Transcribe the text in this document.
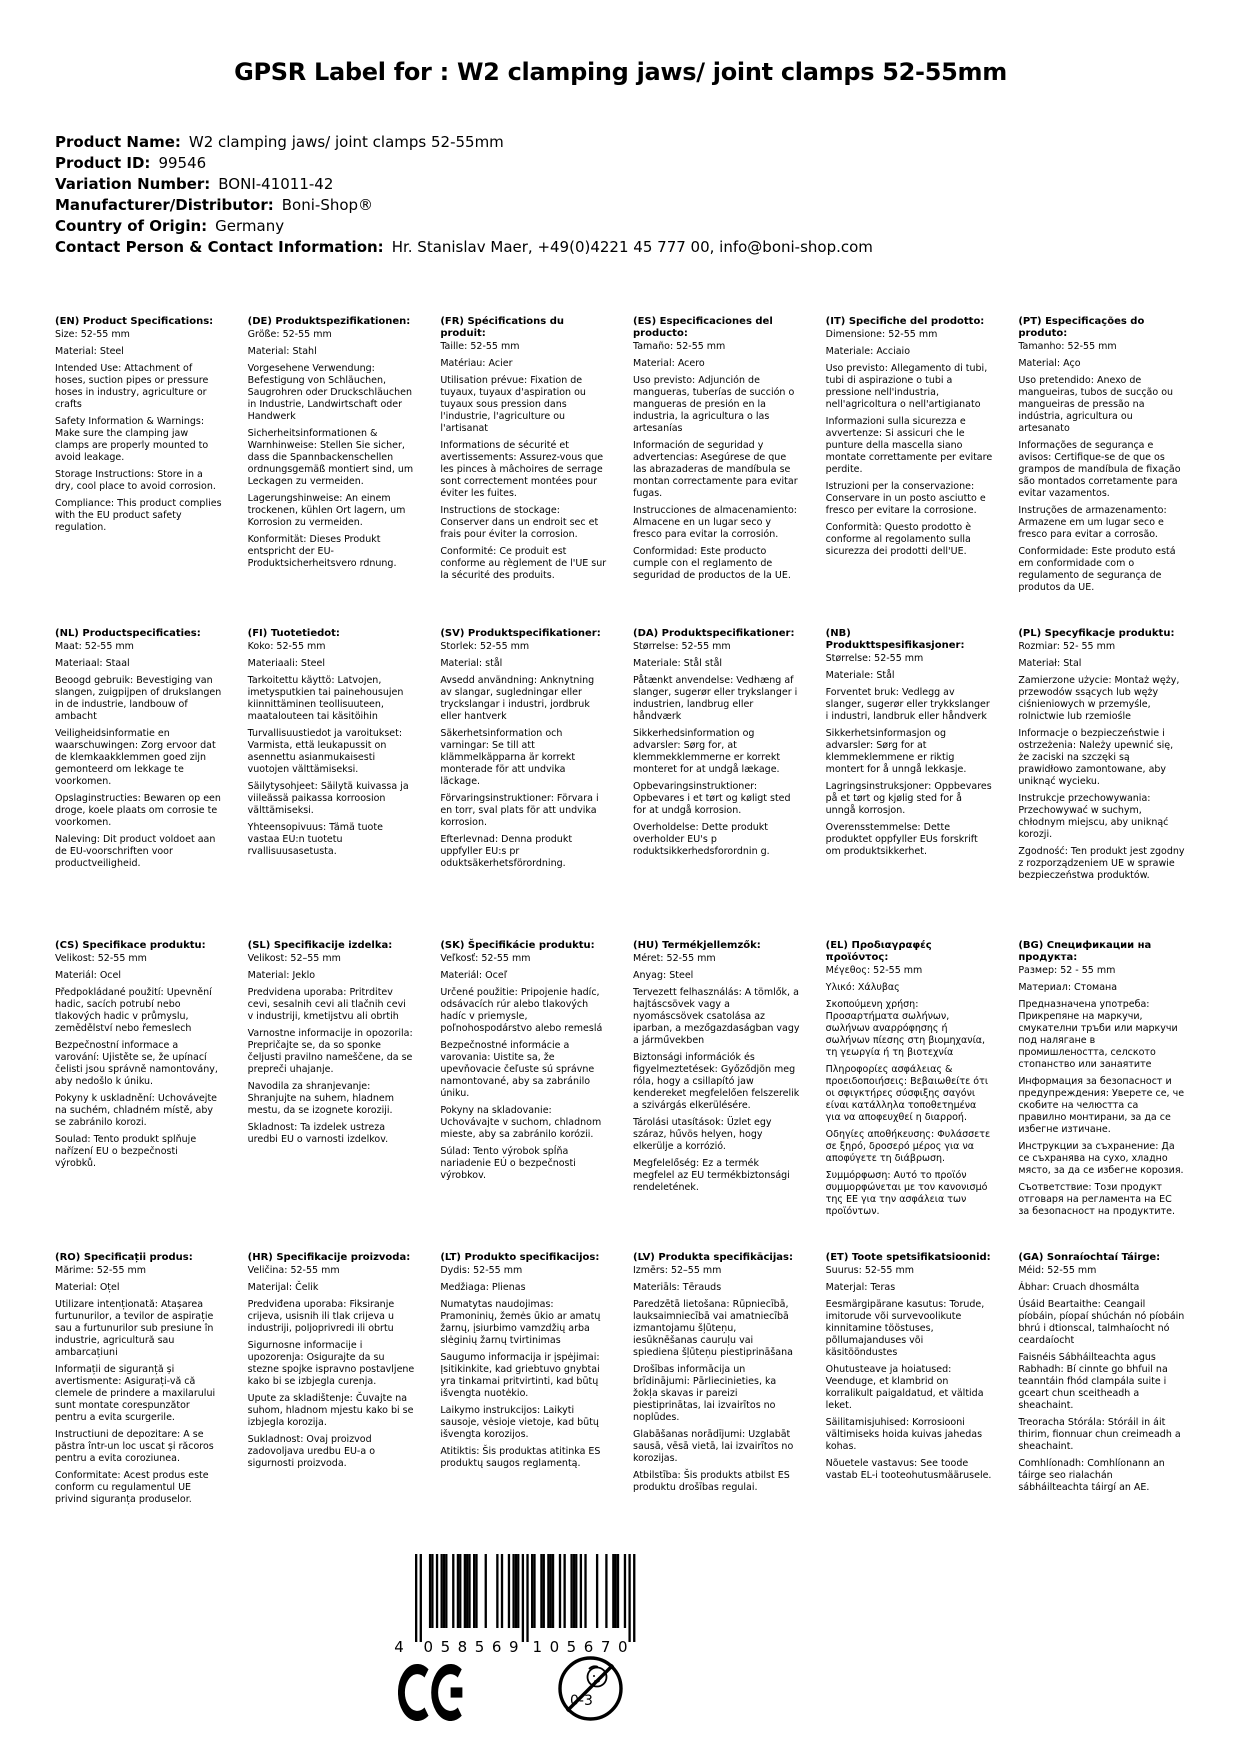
GPSR Label for : W2 clamping jaws/ joint clamps 52-55mm
Product Name: W2 clamping jaws/ joint clamps 52-55mm
Product ID: 99546
Variation Number: BONI-41011-42
Manufacturer/Distributor: Boni-Shop®
Country of Origin: Germany
Contact Person & Contact Information: Hr. Stanislav Maer, +49(0)4221 45 777 00, info@boni-shop.com
(EN) Product Specifications:

Size: 52-55 mm

Material: Steel

Intended Use: Attachment of hoses, suction pipes or pressure hoses in industry, agriculture or crafts

Safety Information & Warnings: Make sure the clamping jaw clamps are properly mounted to avoid leakage.

Storage Instructions: Store in a dry, cool place to avoid corrosion.

Compliance: This product complies with the EU product safety regulation.

(DE) Produktspezifikationen:

Größe: 52-55 mm

Material: Stahl

Vorgesehene Verwendung: Befestigung von Schläuchen, Saugrohren oder Druckschläuchen in Industrie, Landwirtschaft oder Handwerk

Sicherheitsinformationen & Warnhinweise: Stellen Sie sicher, dass die Spannbackenschellen ordnungsgemäß montiert sind, um Leckagen zu vermeiden.

Lagerungshinweise: An einem trockenen, kühlen Ort lagern, um Korrosion zu vermeiden.

Konformität: Dieses Produkt entspricht der EU-Produktsicherheitsvero rdnung.

(FR) Spécifications du produit:

Taille: 52-55 mm

Matériau: Acier

Utilisation prévue: Fixation de tuyaux, tuyaux d'aspiration ou tuyaux sous pression dans l'industrie, l'agriculture ou l'artisanat

Informations de sécurité et avertissements: Assurez-vous que les pinces à mâchoires de serrage sont correctement montées pour éviter les fuites.

Instructions de stockage: Conserver dans un endroit sec et frais pour éviter la corrosion.

Conformité: Ce produit est conforme au règlement de l'UE sur la sécurité des produits.

(ES) Especificaciones del producto:

Tamaño: 52-55 mm

Material: Acero

Uso previsto: Adjunción de mangueras, tuberías de succión o mangueras de presión en la industria, la agricultura o las artesanías

Información de seguridad y advertencias: Asegúrese de que las abrazaderas de mandíbula se montan correctamente para evitar fugas.

Instrucciones de almacenamiento: Almacene en un lugar seco y fresco para evitar la corrosión.

Conformidad: Este producto cumple con el reglamento de seguridad de productos de la UE.

(IT) Specifiche del prodotto:

Dimensione: 52-55 mm

Materiale: Acciaio

Uso previsto: Allegamento di tubi, tubi di aspirazione o tubi a pressione nell'industria, nell'agricoltura o nell'artigianato

Informazioni sulla sicurezza e avvertenze: Si assicuri che le punture della mascella siano montate correttamente per evitare perdite.

Istruzioni per la conservazione: Conservare in un posto asciutto e fresco per evitare la corrosione.

Conformità: Questo prodotto è conforme al regolamento sulla sicurezza dei prodotti dell'UE.

(PT) Especificações do produto:

Tamanho: 52-55 mm

Material: Aço

Uso pretendido: Anexo de mangueiras, tubos de sucção ou mangueiras de pressão na indústria, agricultura ou artesanato

Informações de segurança e avisos: Certifique-se de que os grampos de mandíbula de fixação são montados corretamente para evitar vazamentos.

Instruções de armazenamento: Armazene em um lugar seco e fresco para evitar a corrosão.

Conformidade: Este produto está em conformidade com o regulamento de segurança de produtos da UE.

(NL) Productspecificaties:

Maat: 52-55 mm

Materiaal: Staal

Beoogd gebruik: Bevestiging van slangen, zuigpijpen of drukslangen in de industrie, landbouw of ambacht

Veiligheidsinformatie en waarschuwingen: Zorg ervoor dat de klemkaakklemmen goed zijn gemonteerd om lekkage te voorkomen.

Opslaginstructies: Bewaren op een droge, koele plaats om corrosie te voorkomen.

Naleving: Dit product voldoet aan de EU-voorschriften voor productveiligheid.

(FI) Tuotetiedot:

Koko: 52-55 mm

Materiaali: Steel

Tarkoitettu käyttö: Latvojen, imetysputkien tai painehousujen kiinnittäminen teollisuuteen, maatalouteen tai käsitöihin

Turvallisuustiedot ja varoitukset: Varmista, että leukapussit on asennettu asianmukaisesti vuotojen välttämiseksi.

Säilytysohjeet: Säilytä kuivassa ja viileässä paikassa korroosion välttämiseksi.

Yhteensopivuus: Tämä tuote vastaa EU:n tuotetu rvallisuusasetusta.

(SV) Produktspecifikationer:

Storlek: 52-55 mm

Material: stål

Avsedd användning: Anknytning av slangar, sugledningar eller tryckslangar i industri, jordbruk eller hantverk

Säkerhetsinformation och varningar: Se till att klämmelkäpparna är korrekt monterade för att undvika läckage.

Förvaringsinstruktioner: Förvara i en torr, sval plats för att undvika korrosion.

Efterlevnad: Denna produkt uppfyller EU:s pr oduktsäkerhetsförordning.

(DA) Produktspecifikationer:

Størrelse: 52-55 mm

Materiale: Stål stål

Påtænkt anvendelse: Vedhæng af slanger, sugerør eller trykslanger i industrien, landbrug eller håndværk

Sikkerhedsinformation og advarsler: Sørg for, at klemmekklemmerne er korrekt monteret for at undgå lækage.

Opbevaringsinstruktioner: Opbevares i et tørt og køligt sted for at undgå korrosion.

Overholdelse: Dette produkt overholder EU's p roduktsikkerhedsforordnin g.

(NB) Produkttspesifikasjoner:

Størrelse: 52-55 mm

Materiale: Stål

Forventet bruk: Vedlegg av slanger, sugerør eller trykkslanger i industri, landbruk eller håndverk

Sikkerhetsinformasjon og advarsler: Sørg for at klemmeklemmene er riktig montert for å unngå lekkasje.

Lagringsinstruksjoner: Oppbevares på et tørt og kjølig sted for å unngå korrosjon.

Overensstemmelse: Dette produktet oppfyller EUs forskrift om produktsikkerhet.

(PL) Specyfikacje produktu:

Rozmiar: 52- 55 mm

Materiał: Stal

Zamierzone użycie: Montaż węży, przewodów ssących lub węży ciśnieniowych w przemyśle, rolnictwie lub rzemiośle

Informacje o bezpieczeństwie i ostrzeżenia: Należy upewnić się, że zaciski na szczęki są prawidłowo zamontowane, aby uniknąć wycieku.

Instrukcje przechowywania: Przechowywać w suchym, chłodnym miejscu, aby uniknąć korozji.

Zgodność: Ten produkt jest zgodny z rozporządzeniem UE w sprawie bezpieczeństwa produktów.

(CS) Specifikace produktu:

Velikost: 52-55 mm

Materiál: Ocel

Předpokládané použití: Upevnění hadic, sacích potrubí nebo tlakových hadic v průmyslu, zemědělství nebo řemeslech

Bezpečnostní informace a varování: Ujistěte se, že upínací čelisti jsou správně namontovány, aby nedošlo k úniku.

Pokyny k uskladnění: Uchovávejte na suchém, chladném místě, aby se zabránilo korozi.

Soulad: Tento produkt splňuje nařízení EU o bezpečnosti výrobků.

(SL) Specifikacije izdelka:

Velikost: 52–55 mm

Material: Jeklo

Predvidena uporaba: Pritrditev cevi, sesalnih cevi ali tlačnih cevi v industriji, kmetijstvu ali obrtih

Varnostne informacije in opozorila: Prepričajte se, da so sponke čeljusti pravilno nameščene, da se prepreči uhajanje.

Navodila za shranjevanje: Shranjujte na suhem, hladnem mestu, da se izognete koroziji.

Skladnost: Ta izdelek ustreza uredbi EU o varnosti izdelkov.

(SK) Špecifikácie produktu:

Veľkosť: 52-55 mm

Materiál: Oceľ

Určené použitie: Pripojenie hadíc, odsávacích rúr alebo tlakových hadíc v priemysle, poľnohospodárstvo alebo remeslá

Bezpečnostné informácie a varovania: Uistite sa, že upevňovacie čeľuste sú správne namontované, aby sa zabránilo úniku.

Pokyny na skladovanie: Uchovávajte v suchom, chladnom mieste, aby sa zabránilo korózii.

Súlad: Tento výrobok spĺňa nariadenie EÚ o bezpečnosti výrobkov.

(HU) Termékjellemzők:

Méret: 52-55 mm

Anyag: Steel

Tervezett felhasználás: A tömlők, a hajtáscsövek vagy a nyomáscsövek csatolása az iparban, a mezőgazdaságban vagy a járművekben

Biztonsági információk és figyelmeztetések: Győződjön meg róla, hogy a csillapító jaw kendereket megfelelően felszerelik a szivárgás elkerülésére.

Tárolási utasítások: Üzlet egy száraz, hűvös helyen, hogy elkerülje a korrózió.

Megfelelőség: Ez a termék megfelel az EU termékbiztonsági rendeletének.

(EL) Προδιαγραφές προϊόντος:

Μέγεθος: 52-55 mm

Υλικό: Χάλυβας

Σκοπούμενη χρήση: Προσαρτήματα σωλήνων, σωλήνων αναρρόφησης ή σωλήνων πίεσης στη βιομηχανία, τη γεωργία ή τη βιοτεχνία

Πληροφορίες ασφάλειας & προειδοποιήσεις: Βεβαιωθείτε ότι οι σφιγκτήρες σύσφιξης σαγόνι είναι κατάλληλα τοποθετημένα για να αποφευχθεί η διαρροή.

Οδηγίες αποθήκευσης: Φυλάσσετε σε ξηρό, δροσερό μέρος για να αποφύγετε τη διάβρωση.

Συμμόρφωση: Αυτό το προϊόν συμμορφώνεται με τον κανονισμό της ΕΕ για την ασφάλεια των προϊόντων.

(BG) Спецификации на продукта:

Размер: 52 - 55 mm

Материал: Стомана

Предназначена употреба: Прикрепяне на маркучи, смукателни тръби или маркучи под налягане в промишлеността, селското стопанство или занаятите

Информация за безопасност и предупреждения: Уверете се, че скобите на челюстта са правилно монтирани, за да се избегне изтичане.

Инструкции за съхранение: Да се съхранява на сухо, хладно място, за да се избегне корозия.

Съответствие: Този продукт отговаря на регламента на ЕС за безопасност на продуктите.

(RO) Specificații produs:

Mărime: 52-55 mm

Material: Oțel

Utilizare intenționată: Atașarea furtunurilor, a tevilor de aspirație sau a furtunurilor sub presiune în industrie, agricultură sau ambarcațiuni

Informații de siguranță și avertismente: Asigurați-vă că clemele de prindere a maxilarului sunt montate corespunzător pentru a evita scurgerile.

Instructiuni de depozitare: A se păstra într-un loc uscat și răcoros pentru a evita coroziunea.

Conformitate: Acest produs este conform cu regulamentul UE privind siguranța produselor.

(HR) Specifikacije proizvoda:

Veličina: 52-55 mm

Materijal: Čelik

Predviđena uporaba: Fiksiranje crijeva, usisnih ili tlak crijeva u industriji, poljoprivredi ili obrtu

Sigurnosne informacije i upozorenja: Osigurajte da su stezne spojke ispravno postavljene kako bi se izbjegla curenja.

Upute za skladištenje: Čuvajte na suhom, hladnom mjestu kako bi se izbjegla korozija.

Sukladnost: Ovaj proizvod zadovoljava uredbu EU-a o sigurnosti proizvoda.

(LT) Produkto specifikacijos:

Dydis: 52-55 mm

Medžiaga: Plienas

Numatytas naudojimas: Pramoninių, žemės ūkio ar amatų žarnų, įsiurbimo vamzdžių arba slėginių žarnų tvirtinimas

Saugumo informacija ir įspėjimai: Įsitikinkite, kad griebtuvo gnybtai yra tinkamai pritvirtinti, kad būtų išvengta nuotėkio.

Laikymo instrukcijos: Laikyti sausoje, vėsioje vietoje, kad būtų išvengta korozijos.

Atitiktis: Šis produktas atitinka ES produktų saugos reglamentą.

(LV) Produkta specifikācijas:

Izmērs: 52–55 mm

Materiāls: Tērauds

Paredzētā lietošana: Rūpniecībā, lauksaimniecībā vai amatniecībā izmantojamu šļūteņu, iesūknēšanas cauruļu vai spiediena šļūteņu piestiprināšana

Drošības informācija un brīdinājumi: Pārliecinieties, ka žokļa skavas ir pareizi piestiprinātas, lai izvairītos no noplūdes.

Glabāšanas norādījumi: Uzglabāt sausā, vēsā vietā, lai izvairītos no korozijas.

Atbilstība: Šis produkts atbilst ES produktu drošības regulai.

(ET) Toote spetsifikatsioonid:

Suurus: 52-55 mm

Materjal: Teras

Eesmärgipärane kasutus: Torude, imitorude või survevoolikute kinnitamine tööstuses, põllumajanduses või käsitööndustes

Ohutusteave ja hoiatused: Veenduge, et klambrid on korralikult paigaldatud, et vältida leket.

Säilitamisjuhised: Korrosiooni vältimiseks hoida kuivas jahedas kohas.

Nõuetele vastavus: See toode vastab EL-i tooteohutusmäärusele.

(GA) Sonraíochtaí Táirge:

Méid: 52-55 mm

Ábhar: Cruach dhosmálta

Úsáid Beartaithe: Ceangail píobáin, píopaí shúchán nó píobáin bhrú i dtionscal, talmhaíocht nó ceardaíocht

Faisnéis Sábháilteachta agus Rabhadh: Bí cinnte go bhfuil na teanntáin fhód clampála suite i gceart chun sceitheadh a sheachaint.

Treoracha Stórála: Stóráil in áit thirim, fionnuar chun creimeadh a sheachaint.

Comhlíonadh: Comhlíonann an táirge seo rialachán sábháilteachta táirgí an AE.

4 058569 105670
0-3
